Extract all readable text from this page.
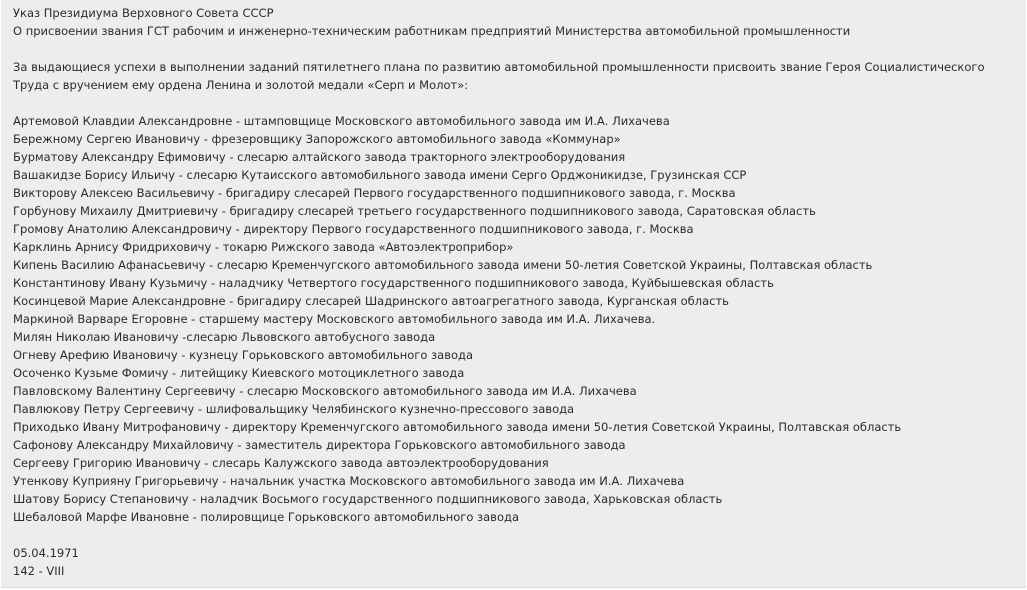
Указ Президиума Верховного Совета СССР
О присвоении звания ГСТ рабочим и инженерно-техническим работникам предприятий Министерства автомобильной промышленности
За выдающиеся успехи в выполнении заданий пятилетнего плана по развитию автомобильной промышленности присвоить звание Героя Социалистического Труда с вручением ему ордена Ленина и золотой медали «Серп и Молот»:
Артемовой Клавдии Александровне - штамповщице Московского автомобильного завода им И.А. Лихачева
Бережному Сергею Ивановичу - фрезеровщику Запорожского автомобильного завода «Коммунар»
Бурматову Александру Ефимовичу - слесарю алтайского завода тракторного электрооборудования
Вашакидзе Борису Ильичу - слесарю Кутаисского автомобильного завода имени Серго Орджоникидзе, Грузинская ССР
Викторову Алексею Васильевичу - бригадиру слесарей Первого государственного подшипникового завода, г. Москва
Горбунову Михаилу Дмитриевичу - бригадиру слесарей третьего государственного подшипникового завода, Саратовская область
Громову Анатолию Александровичу - директору Первого государственного подшипникового завода, г. Москва
Карклинь Арнису Фридриховичу - токарю Рижского завода «Автоэлектроприбор»
Кипень Василию Афанасьевичу - слесарю Кременчугского автомобильного завода имени 50-летия Советской Украины, Полтавская область
Константинову Ивану Кузьмичу - наладчику Четвертого государственного подшипникового завода, Куйбышевская область
Косинцевой Марие Александровне - бригадиру слесарей Шадринского автоагрегатного завода, Курганская область
Маркиной Варваре Егоровне - старшему мастеру Московского автомобильного завода им И.А. Лихачева.
Милян Николаю Ивановичу -слесарю Львовского автобусного завода
Огневу Арефию Ивановичу - кузнецу Горьковского автомобильного завода
Осоченко Кузьме Фомичу - литейщику Киевского мотоциклетного завода
Павловскому Валентину Сергеевичу - слесарю Московского автомобильного завода им И.А. Лихачева
Павлюкову Петру Сергеевичу - шлифовальщику Челябинского кузнечно-прессового завода
Приходько Ивану Митрофановичу - директору Кременчугского автомобильного завода имени 50-летия Советской Украины, Полтавская область
Сафонову Александру Михайловичу - заместитель директора Горьковского автомобильного завода
Сергееву Григорию Ивановичу - слесарь Калужского завода автоэлектрооборудования
Утенкову Куприяну Григорьевичу - начальник участка Московского автомобильного завода им И.А. Лихачева
Шатову Борису Степановичу - наладчик Восьмого государственного подшипникового завода, Харьковская область
Шебаловой Марфе Ивановне - полировщице Горьковского автомобильного завода
05.04.1971
142 - VIII
